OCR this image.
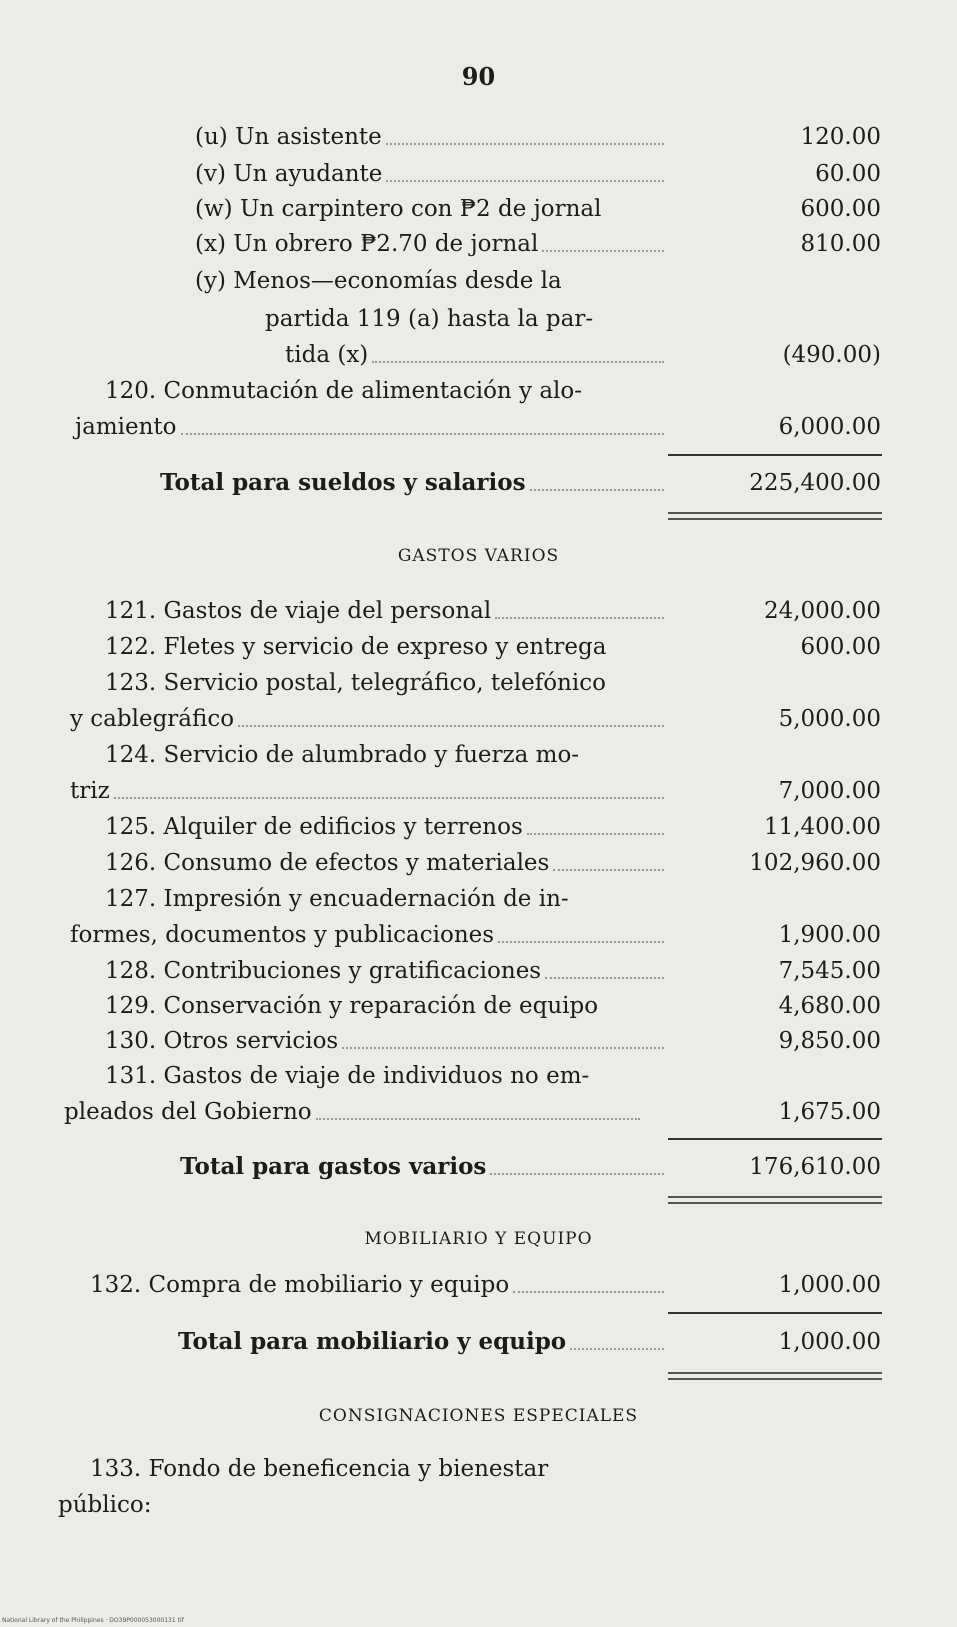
90
(u) Un asistente	120.00
(v) Un ayudante	60.00
(w) Un carpintero con ₱2 de jornal	600.00
(x) Un obrero ₱2.70 de jornal	810.00
(y) Menos—economías desde la
partida 119 (a) hasta la par-
tida (x)	(490.00)
120. Conmutación de alimentación y alo-
jamiento	6,000.00
Total para sueldos y salarios	225,400.00
GASTOS VARIOS
121. Gastos de viaje del personal	24,000.00
122. Fletes y servicio de expreso y entrega	600.00
123. Servicio postal, telegráfico, telefónico
y cablegráfico	5,000.00
124. Servicio de alumbrado y fuerza mo-
triz	7,000.00
125. Alquiler de edificios y terrenos	11,400.00
126. Consumo de efectos y materiales	102,960.00
127. Impresión y encuadernación de in-
formes, documentos y publicaciones	1,900.00
128. Contribuciones y gratificaciones	7,545.00
129. Conservación y reparación de equipo	4,680.00
130. Otros servicios	9,850.00
131. Gastos de viaje de individuos no em-
pleados del Gobierno	1,675.00
Total para gastos varios	176,610.00
MOBILIARIO Y EQUIPO
132. Compra de mobiliario y equipo	1,000.00
Total para mobiliario y equipo	1,000.00
CONSIGNACIONES ESPECIALES
133. Fondo de beneficencia y bienestar
público:
National Library of the Philippines · DO39P000053000131 tif
